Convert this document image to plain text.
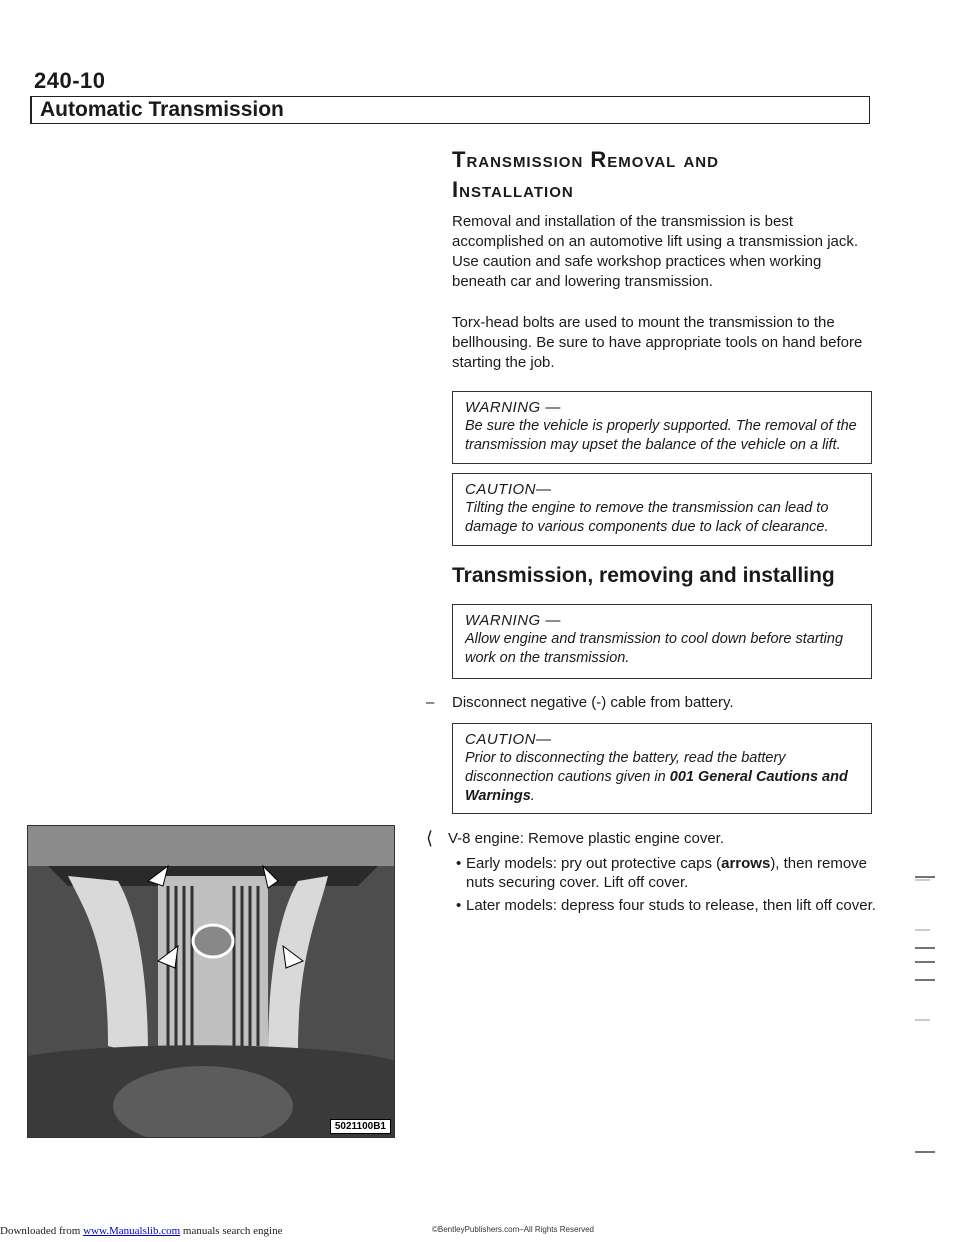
240-10
Automatic Transmission
Transmission Removal and
Installation

Removal and installation of the transmission is best accomplished on an automotive lift using a transmission jack. Use caution and safe workshop practices when working beneath car and lowering transmission.

Torx-head bolts are used to mount the transmission to the bellhousing. Be sure to have appropriate tools on hand before starting the job.

WARNING —
Be sure the vehicle is properly supported. The removal of the transmission may upset the balance of the vehicle on a lift.
CAUTION—
Tilting the engine to remove the transmission can lead to damage to various components due to lack of clearance.
Transmission, removing and installing
WARNING —
Allow engine and transmission to cool down before starting work on the transmission.
– Disconnect negative (-) cable from battery.
CAUTION—
Prior to disconnecting the battery, read the battery disconnection cautions given in 001 General Cautions and Warnings.
⟨ V-8 engine: Remove plastic engine cover.
• Early models: pry out protective caps (arrows), then remove nuts securing cover. Lift off cover.
• Later models: depress four studs to release, then lift off cover.
5021100B1
Downloaded from www.Manualslib.com manuals search engine	©BentleyPublishers.com–All Rights Reserved
